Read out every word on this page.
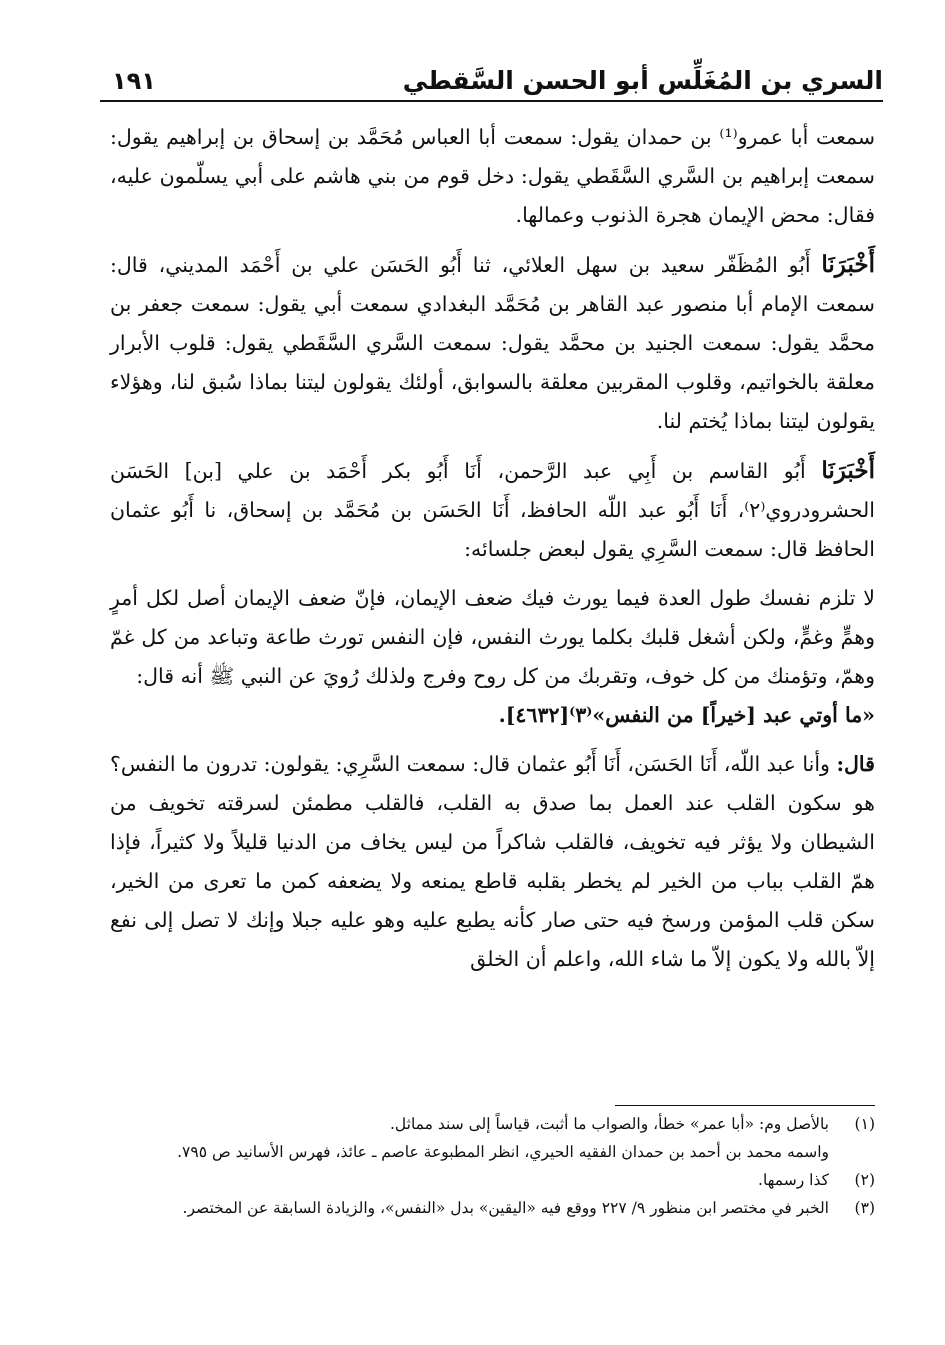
السري بن المُغَلِّس أبو الحسن السَّقطي
١٩١

سمعت أبا عمرو⁽¹⁾ بن حمدان يقول: سمعت أبا العباس مُحَمَّد بن إسحاق بن إبراهيم يقول: سمعت إبراهيم بن السَّري السَّقَطي يقول: دخل قوم من بني هاشم على أبي يسلّمون عليه، فقال: محض الإيمان هجرة الذنوب وعمالها.

أَخْبَرَنَا أَبُو المُظَفّر سعيد بن سهل العلائي، ثنا أَبُو الحَسَن علي بن أَحْمَد المديني، قال: سمعت الإمام أبا منصور عبد القاهر بن مُحَمَّد البغدادي سمعت أبي يقول: سمعت جعفر بن محمَّد يقول: سمعت الجنيد بن محمَّد يقول: سمعت السَّري السَّقَطي يقول: قلوب الأبرار معلقة بالخواتيم، وقلوب المقربين معلقة بالسوابق، أولئك يقولون ليتنا بماذا سُبق لنا، وهؤلاء يقولون ليتنا بماذا يُختم لنا.

أَخْبَرَنَا أَبُو القاسم بن أَبِي عبد الرَّحمن، أَنَا أَبُو بكر أَحْمَد بن علي [بن] الحَسَن الحشرودروي⁽٢⁾، أَنَا أَبُو عبد اللّه الحافظ، أَنَا الحَسَن بن مُحَمَّد بن إسحاق، نا أَبُو عثمان الحافظ قال: سمعت السَّرِي يقول لبعض جلسائه:

لا تلزم نفسك طول العدة فيما يورث فيك ضعف الإيمان، فإنّ ضعف الإيمان أصل لكل أمرٍ وهمٍّ وغمٍّ، ولكن أشغل قلبك بكلما يورث النفس، فإن النفس تورث طاعة وتباعد من كل غمّ وهمّ، وتؤمنك من كل خوف، وتقربك من كل روح وفرج ولذلك رُويَ عن النبي ﷺ أنه قال:

«ما أوتي عبد [خيراً] من النفس»⁽٣⁾[٤٦٣٢].

قال: وأنا عبد اللّه، أَنَا الحَسَن، أَنَا أَبُو عثمان قال: سمعت السَّرِي: يقولون: تدرون ما النفس؟ هو سكون القلب عند العمل بما صدق به القلب، فالقلب مطمئن لسرقته تخويف من الشيطان ولا يؤثر فيه تخويف، فالقلب شاكراً من ليس يخاف من الدنيا قليلاً ولا كثيراً، فإذا همّ القلب بباب من الخير لم يخطر بقلبه قاطع يمنعه ولا يضعفه كمن ما تعرى من الخير، سكن قلب المؤمن ورسخ فيه حتى صار كأنه يطبع عليه وهو عليه جبلا وإنك لا تصل إلى نفع إلاّ بالله ولا يكون إلاّ ما شاء الله، واعلم أن الخلق

(١)
بالأصل وم: «أبا عمر» خطأ، والصواب ما أثبت، قياساً إلى سند مماثل.

واسمه محمد بن أحمد بن حمدان الفقيه الحيري، انظر المطبوعة عاصم ـ عائذ، فهرس الأسانيد ص ٧٩٥.

(٢)
كذا رسمها.

(٣)
الخبر في مختصر ابن منظور ٩/ ٢٢٧ ووقع فيه «اليقين» بدل «النفس»، والزيادة السابقة عن المختصر.
